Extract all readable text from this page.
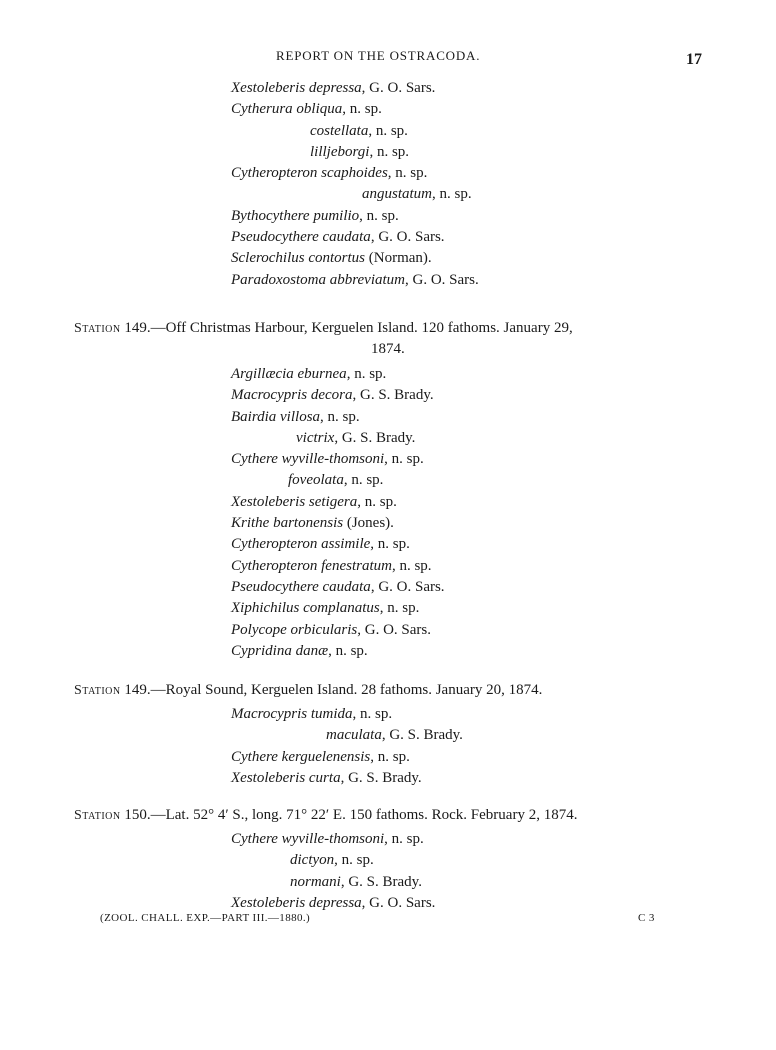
REPORT ON THE OSTRACODA.	17
Xestoleberis depressa, G. O. Sars.
Cytherura obliqua, n. sp.
costellata, n. sp.
lilljeborgi, n. sp.
Cytheropteron scaphoides, n. sp.
angustatum, n. sp.
Bythocythere pumilio, n. sp.
Pseudocythere caudata, G. O. Sars.
Sclerochilus contortus (Norman).
Paradoxostoma abbreviatum, G. O. Sars.

Station 149.—Off Christmas Harbour, Kerguelen Island. 120 fathoms. January 29,

1874.

Argillæcia eburnea, n. sp.
Macrocypris decora, G. S. Brady.
Bairdia villosa, n. sp.
victrix, G. S. Brady.
Cythere wyville-thomsoni, n. sp.
foveolata, n. sp.
Xestoleberis setigera, n. sp.
Krithe bartonensis (Jones).
Cytheropteron assimile, n. sp.
Cytheropteron fenestratum, n. sp.
Pseudocythere caudata, G. O. Sars.
Xiphichilus complanatus, n. sp.
Polycope orbicularis, G. O. Sars.
Cypridina danæ, n. sp.

Station 149.—Royal Sound, Kerguelen Island. 28 fathoms. January 20, 1874.

Macrocypris tumida, n. sp.
maculata, G. S. Brady.
Cythere kerguelenensis, n. sp.
Xestoleberis curta, G. S. Brady.

Station 150.—Lat. 52° 4′ S., long. 71° 22′ E. 150 fathoms. Rock. February 2, 1874.

Cythere wyville-thomsoni, n. sp.
dictyon, n. sp.
normani, G. S. Brady.
Xestoleberis depressa, G. O. Sars.
(ZOOL. CHALL. EXP.—PART III.—1880.)	C 3
